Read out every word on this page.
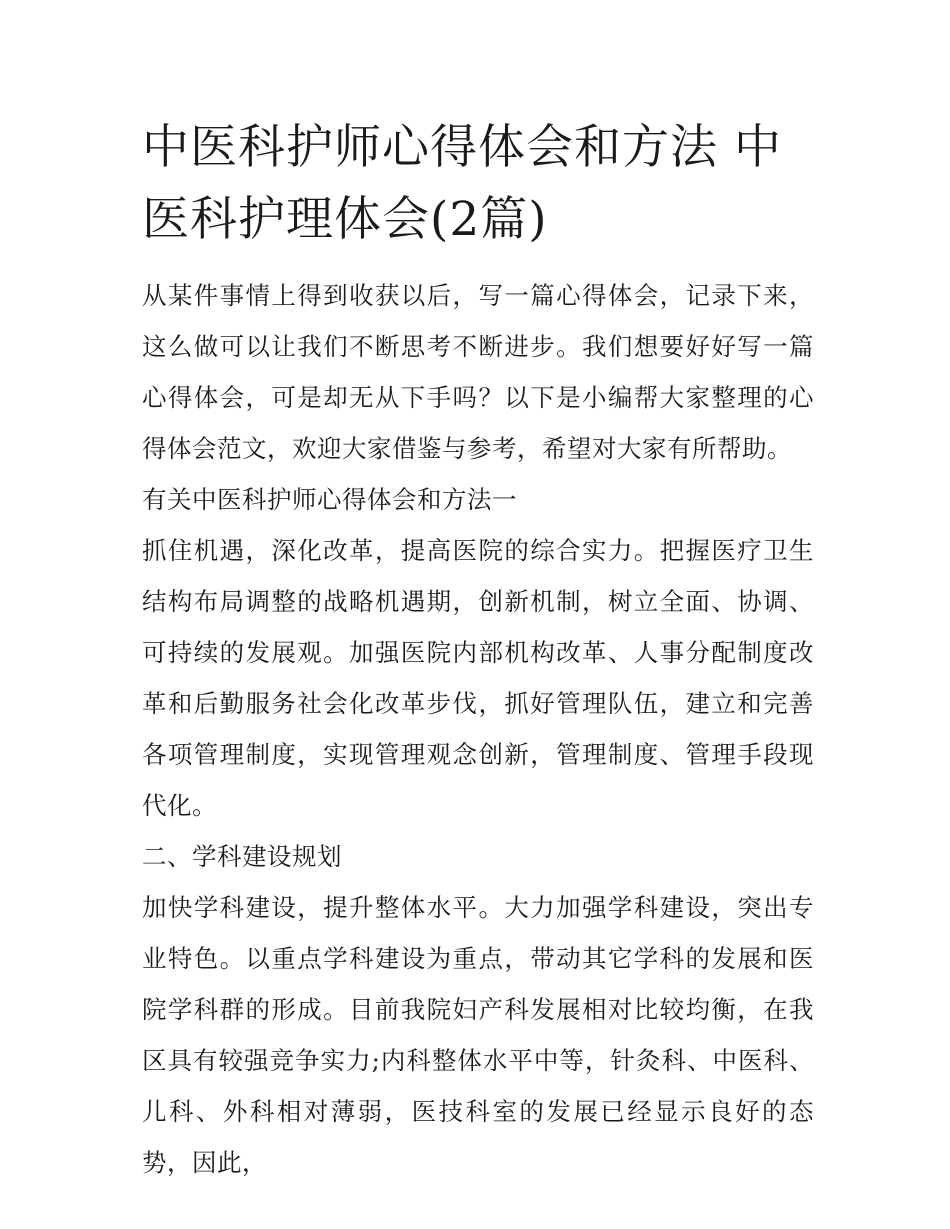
中医科护师心得体会和方法 中医科护理体会(2篇)

从某件事情上得到收获以后，写一篇心得体会，记录下来，这么做可以让我们不断思考不断进步。我们想要好好写一篇心得体会，可是却无从下手吗？以下是小编帮大家整理的心得体会范文，欢迎大家借鉴与参考，希望对大家有所帮助。

有关中医科护师心得体会和方法一

抓住机遇，深化改革，提高医院的综合实力。把握医疗卫生结构布局调整的战略机遇期，创新机制，树立全面、协调、可持续的发展观。加强医院内部机构改革、人事分配制度改革和后勤服务社会化改革步伐，抓好管理队伍，建立和完善各项管理制度，实现管理观念创新，管理制度、管理手段现代化。

二、学科建设规划

加快学科建设，提升整体水平。大力加强学科建设，突出专业特色。以重点学科建设为重点，带动其它学科的发展和医院学科群的形成。目前我院妇产科发展相对比较均衡，在我区具有较强竞争实力;内科整体水平中等，针灸科、中医科、儿科、外科相对薄弱，医技科室的发展已经显示良好的态势，因此，
